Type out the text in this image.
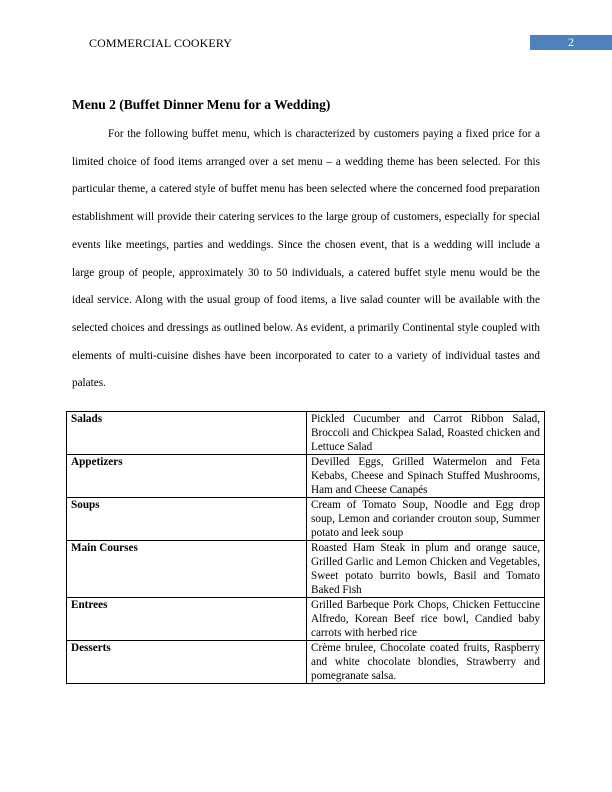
COMMERCIAL COOKERY	2
Menu 2 (Buffet Dinner Menu for a Wedding)

For the following buffet menu, which is characterized by customers paying a fixed price for a limited choice of food items arranged over a set menu – a wedding theme has been selected. For this particular theme, a catered style of buffet menu has been selected where the concerned food preparation establishment will provide their catering services to the large group of customers, especially for special events like meetings, parties and weddings. Since the chosen event, that is a wedding will include a large group of people, approximately 30 to 50 individuals, a catered buffet style menu would be the ideal service. Along with the usual group of food items, a live salad counter will be available with the selected choices and dressings as outlined below. As evident, a primarily Continental style coupled with elements of multi-cuisine dishes have been incorporated to cater to a variety of individual tastes and palates.

Salads	Pickled Cucumber and Carrot Ribbon Salad, Broccoli and Chickpea Salad, Roasted chicken and Lettuce Salad
Appetizers	Devilled Eggs, Grilled Watermelon and Feta Kebabs, Cheese and Spinach Stuffed Mushrooms, Ham and Cheese Canapés
Soups	Cream of Tomato Soup, Noodle and Egg drop soup, Lemon and coriander crouton soup, Summer potato and leek soup
Main Courses	Roasted Ham Steak in plum and orange sauce, Grilled Garlic and Lemon Chicken and Vegetables, Sweet potato burrito bowls, Basil and Tomato Baked Fish
Entrees	Grilled Barbeque Pork Chops, Chicken Fettuccine Alfredo, Korean Beef rice bowl, Candied baby carrots with herbed rice
Desserts	Crème brulee, Chocolate coated fruits, Raspberry and white chocolate blondies, Strawberry and pomegranate salsa.
